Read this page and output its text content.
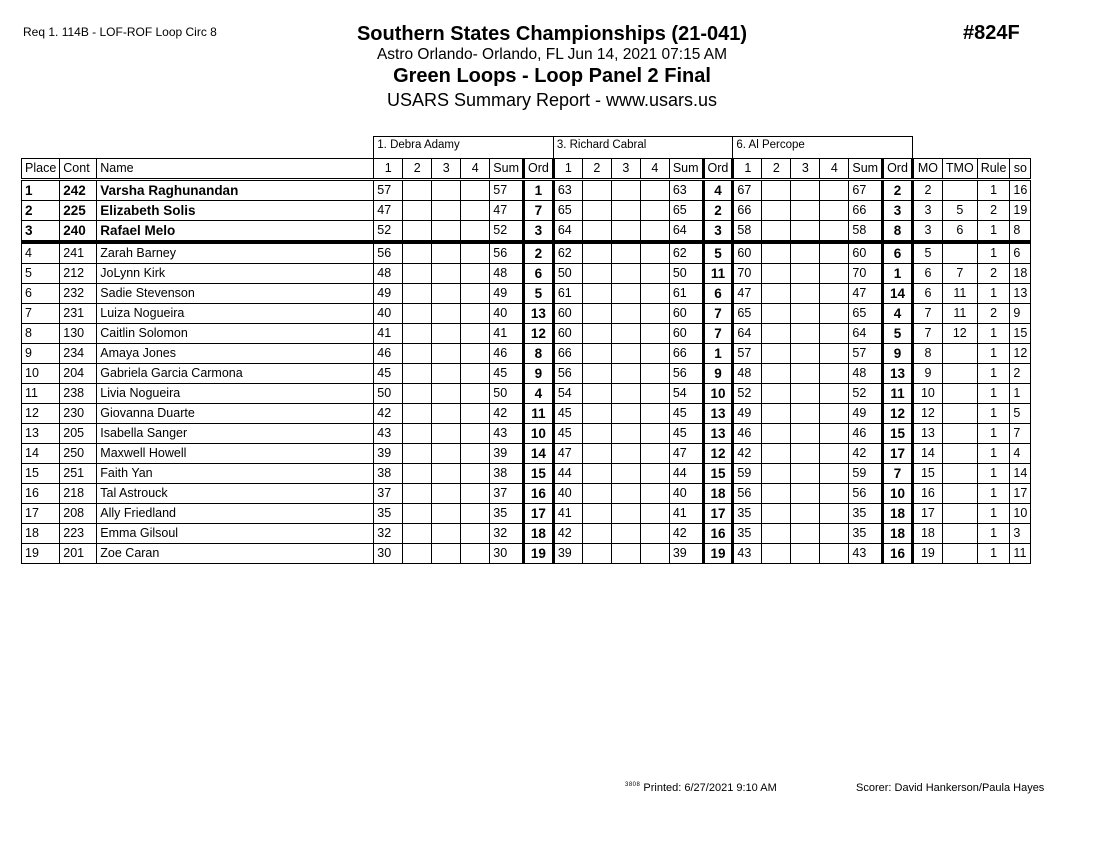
Req 1. 114B - LOF-ROF Loop Circ 8	#824F
Southern States Championships (21-041)
Astro Orlando- Orlando, FL Jun 14, 2021 07:15 AM
Green Loops - Loop Panel 2 Final
USARS Summary Report - www.usars.us
			1. Debra Adamy						3. Richard Cabral						6. Al Percope									
Place	Cont	Name	1	2	3	4	Sum	Ord	1	2	3	4	Sum	Ord	1	2	3	4	Sum	Ord	MO	TMO	Rule	so
1	242	Varsha Raghunandan	57				57	1	63				63	4	67				67	2	2		1	16
2	225	Elizabeth Solis	47				47	7	65				65	2	66				66	3	3	5	2	19
3	240	Rafael Melo	52				52	3	64				64	3	58				58	8	3	6	1	8
4	241	Zarah Barney	56				56	2	62				62	5	60				60	6	5		1	6
5	212	JoLynn Kirk	48				48	6	50				50	11	70				70	1	6	7	2	18
6	232	Sadie Stevenson	49				49	5	61				61	6	47				47	14	6	11	1	13
7	231	Luiza Nogueira	40				40	13	60				60	7	65				65	4	7	11	2	9
8	130	Caitlin Solomon	41				41	12	60				60	7	64				64	5	7	12	1	15
9	234	Amaya Jones	46				46	8	66				66	1	57				57	9	8		1	12
10	204	Gabriela Garcia Carmona	45				45	9	56				56	9	48				48	13	9		1	2
11	238	Livia Nogueira	50				50	4	54				54	10	52				52	11	10		1	1
12	230	Giovanna Duarte	42				42	11	45				45	13	49				49	12	12		1	5
13	205	Isabella Sanger	43				43	10	45				45	13	46				46	15	13		1	7
14	250	Maxwell Howell	39				39	14	47				47	12	42				42	17	14		1	4
15	251	Faith Yan	38				38	15	44				44	15	59				59	7	15		1	14
16	218	Tal Astrouck	37				37	16	40				40	18	56				56	10	16		1	17
17	208	Ally Friedland	35				35	17	41				41	17	35				35	18	17		1	10
18	223	Emma Gilsoul	32				32	18	42				42	16	35				35	18	18		1	3
19	201	Zoe Caran	30				30	19	39				39	19	43				43	16	19		1	11
$^{3808}$ Printed: 6/27/2021 9:10 AM	Scorer: David Hankerson/Paula Hayes
